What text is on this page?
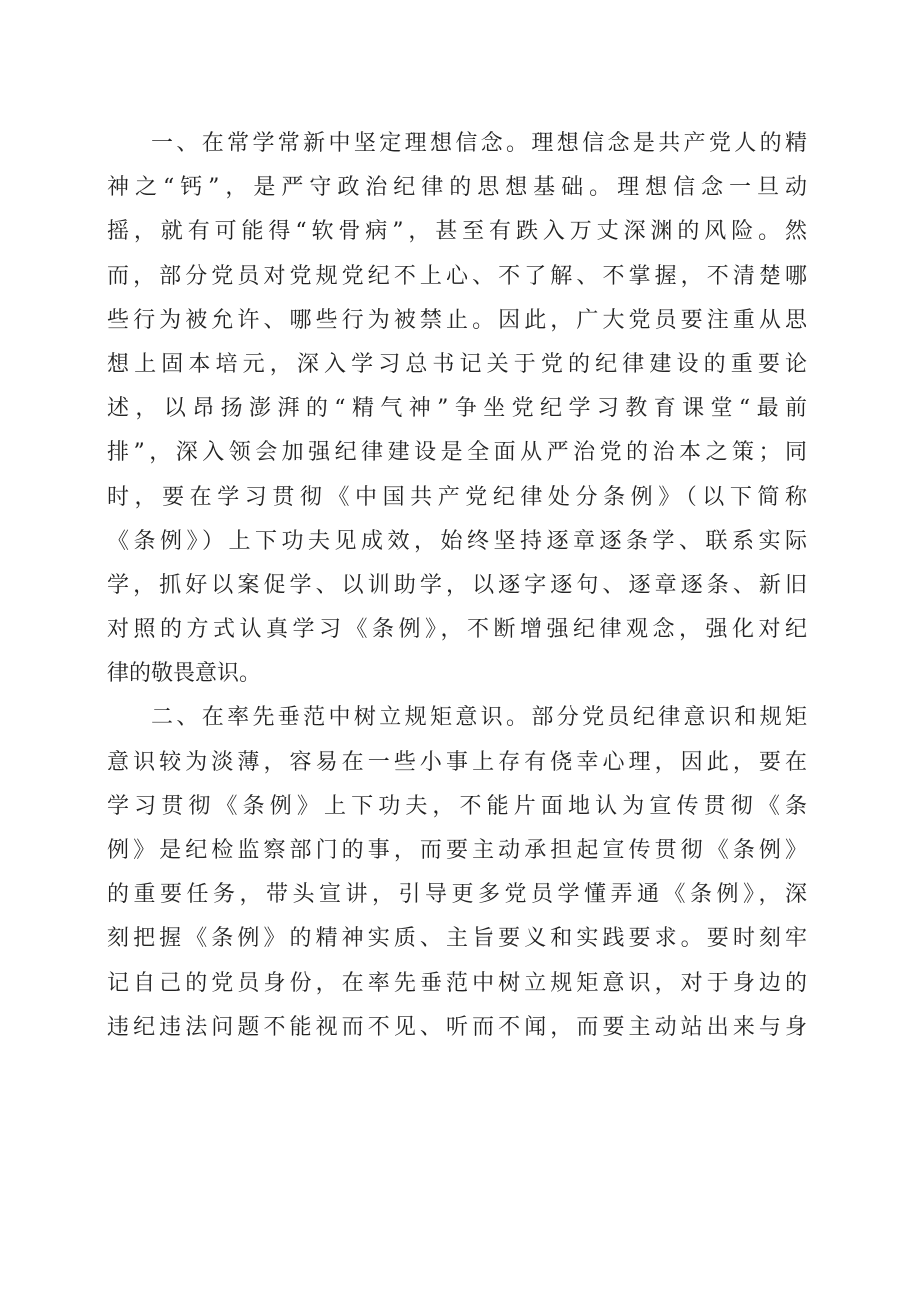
一、在常学常新中坚定理想信念。理想信念是共产党人的精
神之“钙”，是严守政治纪律的思想基础。理想信念一旦动
摇，就有可能得“软骨病”，甚至有跌入万丈深渊的风险。然
而，部分党员对党规党纪不上心、不了解、不掌握，不清楚哪
些行为被允许、哪些行为被禁止。因此，广大党员要注重从思
想上固本培元，深入学习总书记关于党的纪律建设的重要论
述，以昂扬澎湃的“精气神”争坐党纪学习教育课堂“最前
排”，深入领会加强纪律建设是全面从严治党的治本之策；同
时，要在学习贯彻《中国共产党纪律处分条例》（以下简称
《条例》）上下功夫见成效，始终坚持逐章逐条学、联系实际
学，抓好以案促学、以训助学，以逐字逐句、逐章逐条、新旧
对照的方式认真学习《条例》，不断增强纪律观念，强化对纪
律的敬畏意识。
二、在率先垂范中树立规矩意识。部分党员纪律意识和规矩
意识较为淡薄，容易在一些小事上存有侥幸心理，因此，要在
学习贯彻《条例》上下功夫，不能片面地认为宣传贯彻《条
例》是纪检监察部门的事，而要主动承担起宣传贯彻《条例》
的重要任务，带头宣讲，引导更多党员学懂弄通《条例》，深
刻把握《条例》的精神实质、主旨要义和实践要求。要时刻牢
记自己的党员身份，在率先垂范中树立规矩意识，对于身边的
违纪违法问题不能视而不见、听而不闻，而要主动站出来与身
